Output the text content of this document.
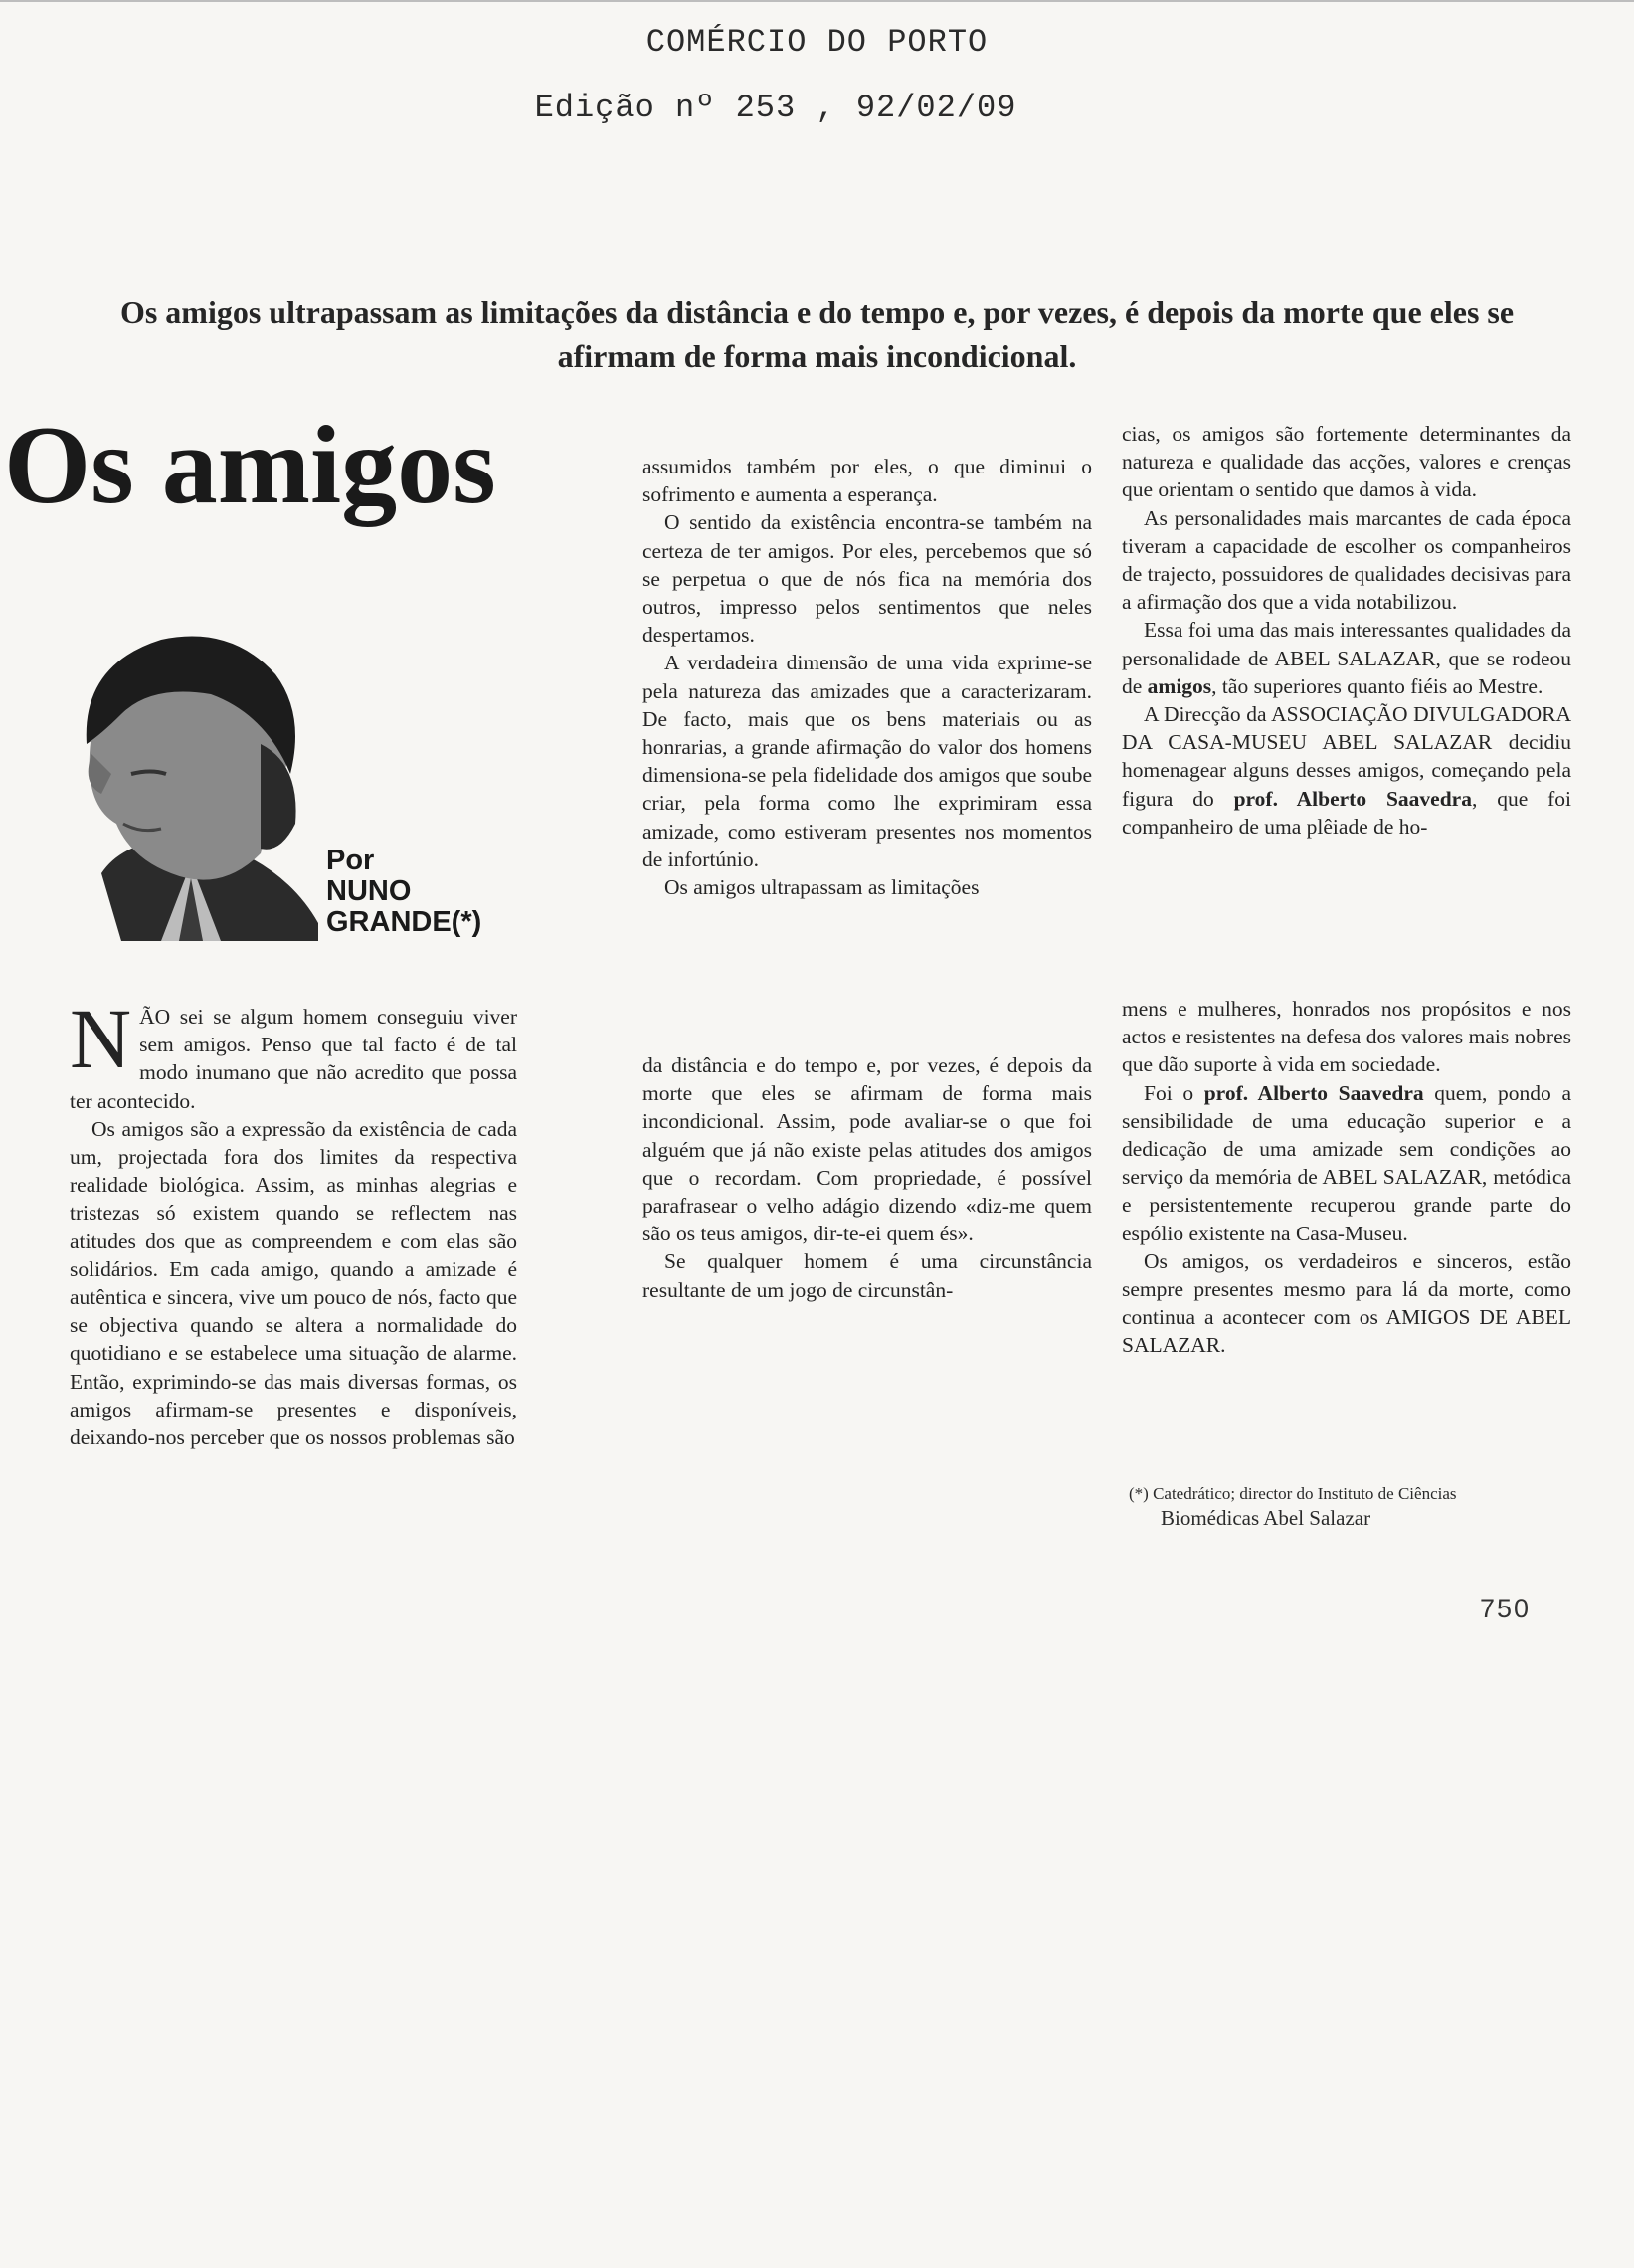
COMÉRCIO DO PORTO
Edição nº 253 , 92/02/09
Os amigos ultrapassam as limitações da distância e do tempo e, por vezes, é depois da morte que eles se afirmam de forma mais incondicional.
Os amigos
Por
NUNO
GRANDE(*)

NÃO sei se algum homem conseguiu viver sem amigos. Penso que tal facto é de tal modo inumano que não acredito que possa ter acontecido.

Os amigos são a expressão da existência de cada um, projectada fora dos limites da respectiva realidade biológica. Assim, as minhas alegrias e tristezas só existem quando se reflectem nas atitudes dos que as compreendem e com elas são solidários. Em cada amigo, quando a amizade é autêntica e sincera, vive um pouco de nós, facto que se objectiva quando se altera a normalidade do quotidiano e se estabelece uma situação de alarme. Então, exprimindo-se das mais diversas formas, os amigos afirmam-se presentes e disponíveis, deixando-nos perceber que os nossos problemas são

assumidos também por eles, o que diminui o sofrimento e aumenta a esperança.

O sentido da existência encontra-se também na certeza de ter amigos. Por eles, percebemos que só se perpetua o que de nós fica na memória dos outros, impresso pelos sentimentos que neles despertamos.

A verdadeira dimensão de uma vida exprime-se pela natureza das amizades que a caracterizaram. De facto, mais que os bens materiais ou as honrarias, a grande afirmação do valor dos homens dimensiona-se pela fidelidade dos amigos que soube criar, pela forma como lhe exprimiram essa amizade, como estiveram presentes nos momentos de infortúnio.

Os amigos ultrapassam as limitações

da distância e do tempo e, por vezes, é depois da morte que eles se afirmam de forma mais incondicional. Assim, pode avaliar-se o que foi alguém que já não existe pelas atitudes dos amigos que o recordam. Com propriedade, é possível parafrasear o velho adágio dizendo «diz-me quem são os teus amigos, dir-te-ei quem és».

Se qualquer homem é uma circunstância resultante de um jogo de circunstân-

cias, os amigos são fortemente determinantes da natureza e qualidade das acções, valores e crenças que orientam o sentido que damos à vida.

As personalidades mais marcantes de cada época tiveram a capacidade de escolher os companheiros de trajecto, possuidores de qualidades decisivas para a afirmação dos que a vida notabilizou.

Essa foi uma das mais interessantes qualidades da personalidade de ABEL SALAZAR, que se rodeou de amigos, tão superiores quanto fiéis ao Mestre.

A Direcção da ASSOCIAÇÃO DIVULGADORA DA CASA-MUSEU ABEL SALAZAR decidiu homenagear alguns desses amigos, começando pela figura do prof. Alberto Saavedra, que foi companheiro de uma plêiade de ho-

mens e mulheres, honrados nos propósitos e nos actos e resistentes na defesa dos valores mais nobres que dão suporte à vida em sociedade.

Foi o prof. Alberto Saavedra quem, pondo a sensibilidade de uma educação superior e a dedicação de uma amizade sem condições ao serviço da memória de ABEL SALAZAR, metódica e persistentemente recuperou grande parte do espólio existente na Casa-Museu.

Os amigos, os verdadeiros e sinceros, estão sempre presentes mesmo para lá da morte, como continua a acontecer com os AMIGOS DE ABEL SALAZAR.

(*) Catedrático; director do Instituto de Ciências
Biomédicas Abel Salazar
750
